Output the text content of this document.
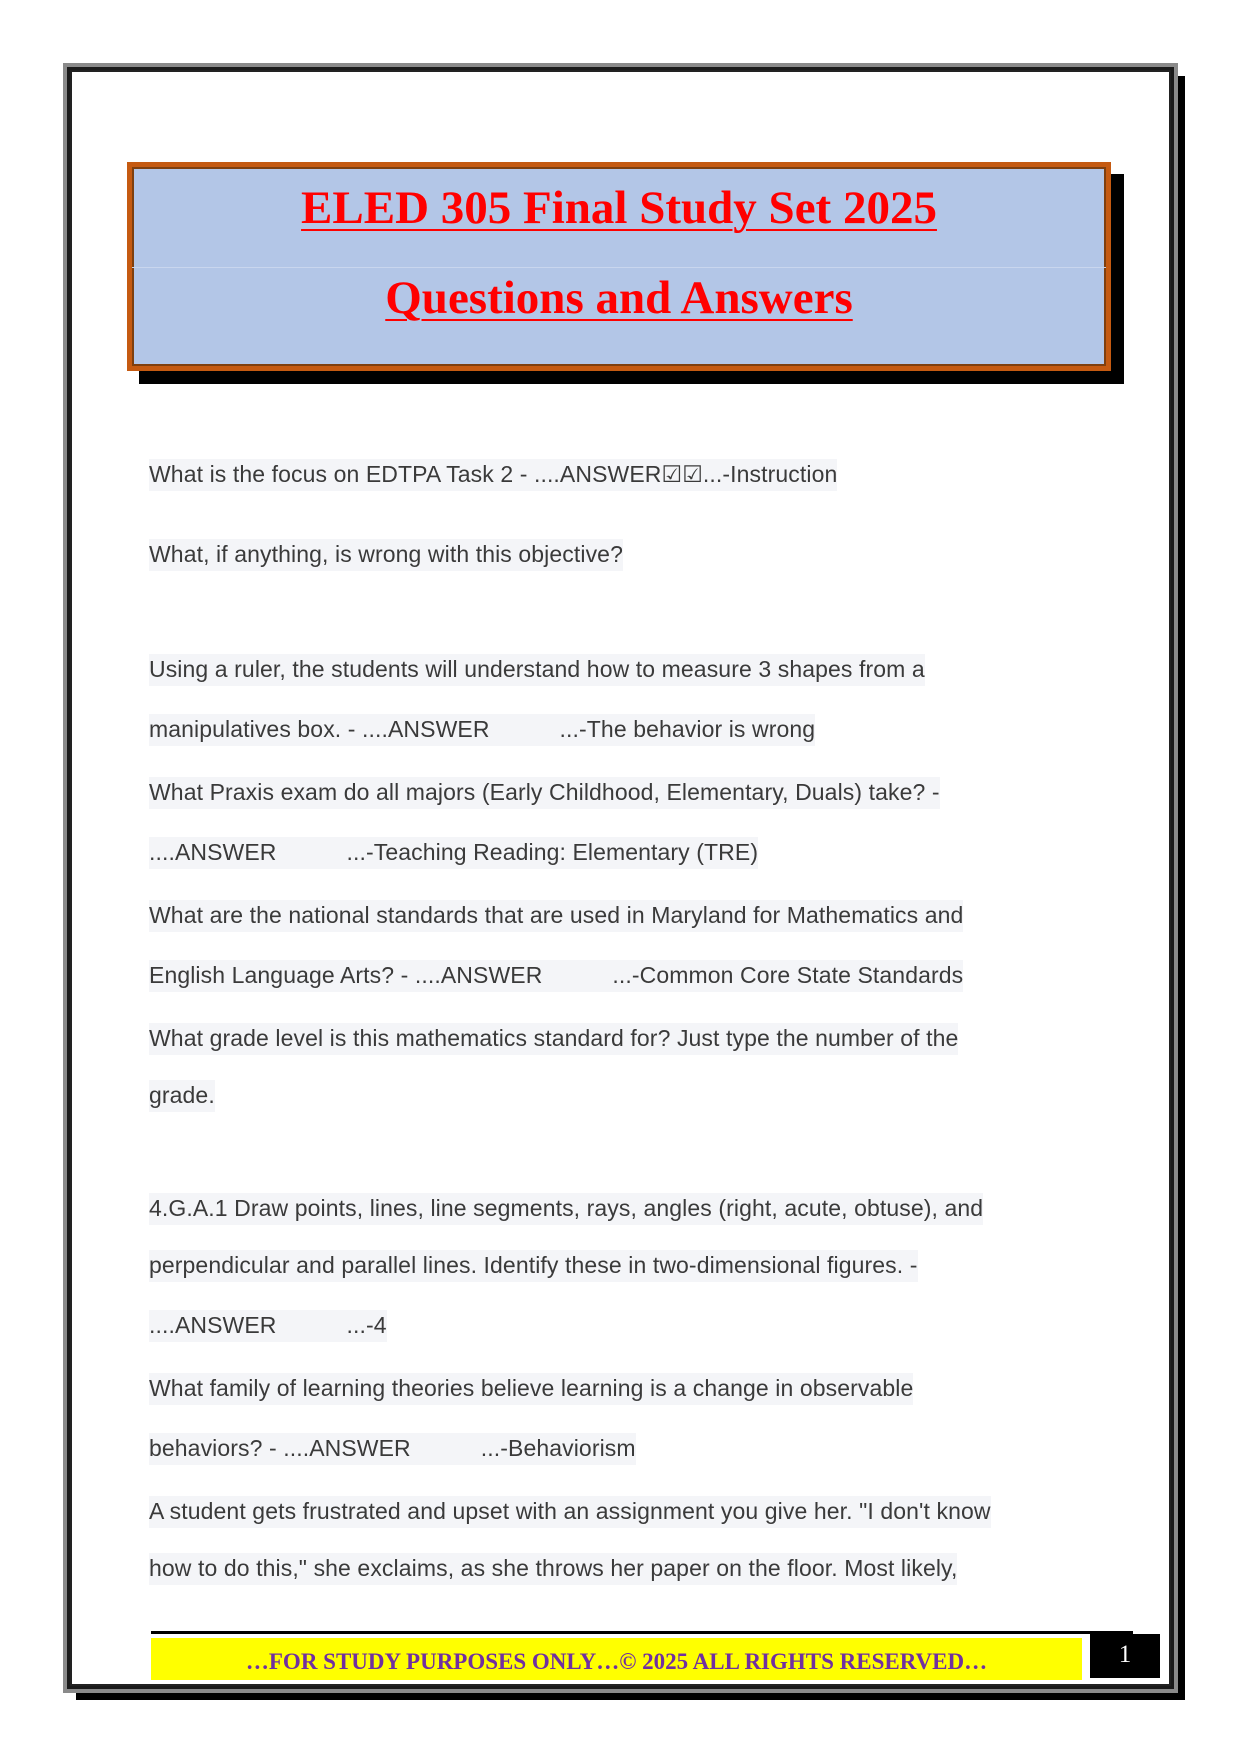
ELED 305 Final Study Set 2025
Questions and Answers
What is the focus on EDTPA Task 2 - ....ANSWER☑☑...-Instruction
What, if anything, is wrong with this objective?
Using a ruler, the students will understand how to measure 3 shapes from a
manipulatives box. - ....ANSWER	...-The behavior is wrong
What Praxis exam do all majors (Early Childhood, Elementary, Duals) take? -
....ANSWER	...-Teaching Reading: Elementary (TRE)
What are the national standards that are used in Maryland for Mathematics and
English Language Arts? - ....ANSWER	...-Common Core State Standards
What grade level is this mathematics standard for? Just type the number of the
grade.
4.G.A.1 Draw points, lines, line segments, rays, angles (right, acute, obtuse), and
perpendicular and parallel lines. Identify these in two-dimensional figures. -
....ANSWER	...-4
What family of learning theories believe learning is a change in observable
behaviors? - ....ANSWER	...-Behaviorism
A student gets frustrated and upset with an assignment you give her. "I don't know
how to do this," she exclaims, as she throws her paper on the floor. Most likely,
…FOR STUDY PURPOSES ONLY…© 2025 ALL RIGHTS RESERVED…	1
